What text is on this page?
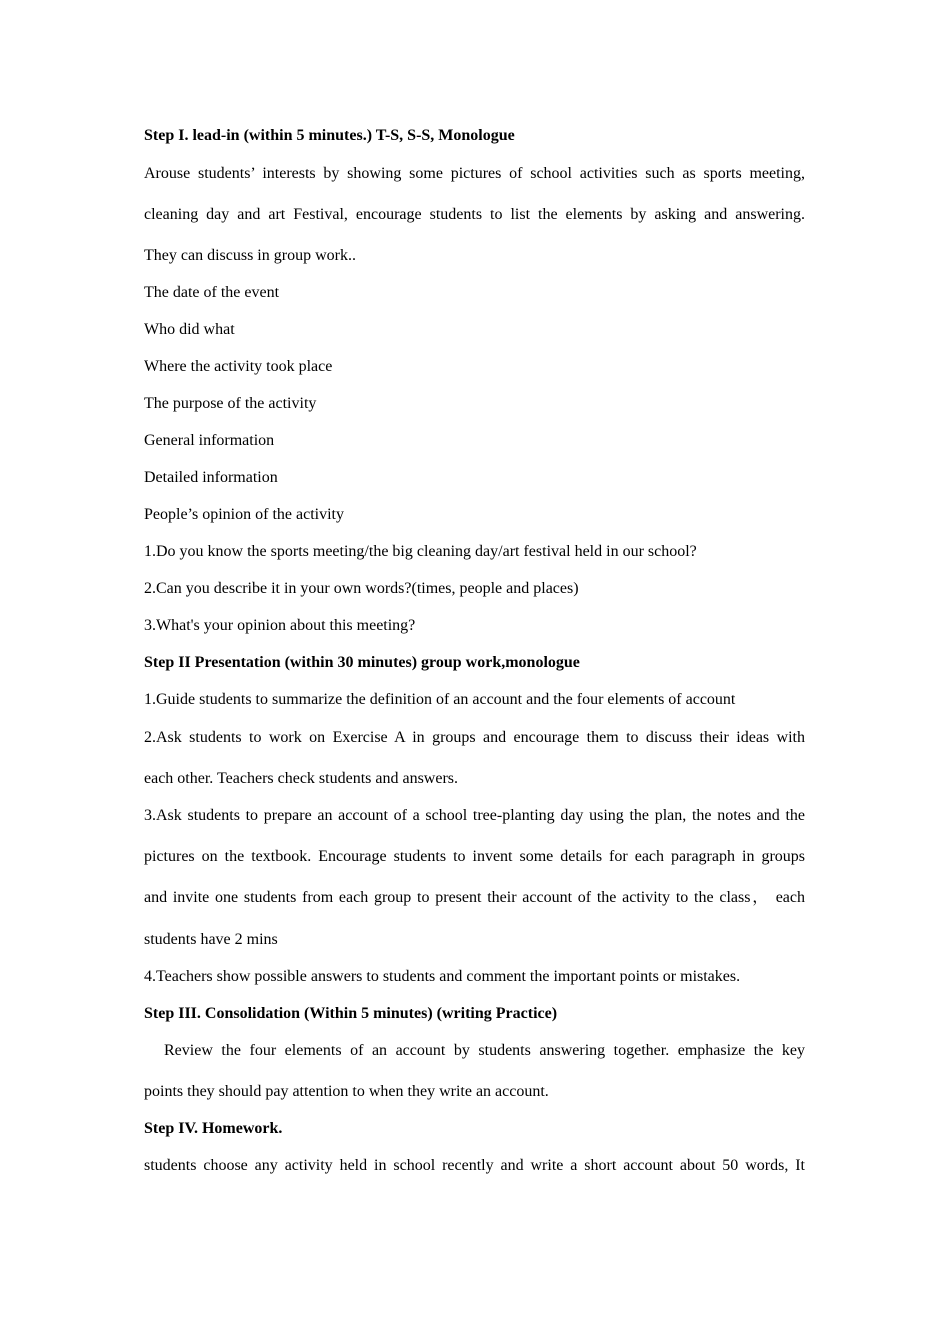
Step I. lead-in (within 5 minutes.) T-S, S-S, Monologue
Arouse students’ interests by showing some pictures of school activities such as sports meeting,
cleaning day and art Festival, encourage students to list the elements by asking and answering.
They can discuss in group work..
The date of the event
Who did what
Where the activity took place
The purpose of the activity
General information
Detailed information
People’s opinion of the activity
1.Do you know the sports meeting/the big cleaning day/art festival held in our school?
2.Can you describe it in your own words?(times, people and places)
3.What's your opinion about this meeting?
Step II Presentation (within 30 minutes) group work,monologue
1.Guide students to summarize the definition of an account and the four elements of account
2.Ask students to work on Exercise A in groups and encourage them to discuss their ideas with
each other. Teachers check students and answers.
3.Ask students to prepare an account of a school tree-planting day using the plan, the notes and the
pictures on the textbook. Encourage students to invent some details for each paragraph in groups
and invite one students from each group to present their account of the activity to the class， each
students have 2 mins
4.Teachers show possible answers to students and comment the important points or mistakes.
Step III. Consolidation (Within 5 minutes) (writing Practice)
Review the four elements of an account by students answering together. emphasize the key
points they should pay attention to when they write an account.
Step IV. Homework.
students choose any activity held in school recently and write a short account about 50 words, It
